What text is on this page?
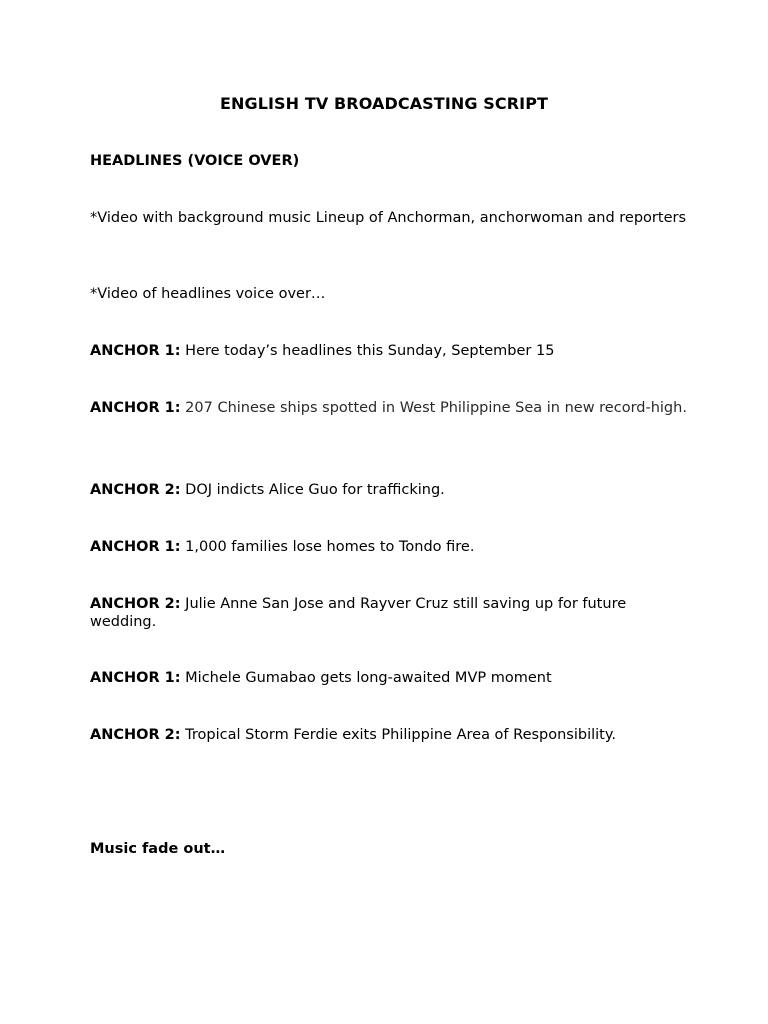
ENGLISH TV BROADCASTING SCRIPT
HEADLINES (VOICE OVER)
*Video with background music Lineup of Anchorman, anchorwoman and reporters
*Video of headlines voice over…
ANCHOR 1: Here today’s headlines this Sunday, September 15
ANCHOR 1: 207 Chinese ships spotted in West Philippine Sea in new record-high.
ANCHOR 2: DOJ indicts Alice Guo for trafficking.
ANCHOR 1: 1,000 families lose homes to Tondo fire.
ANCHOR 2: Julie Anne San Jose and Rayver Cruz still saving up for future wedding.
ANCHOR 1: Michele Gumabao gets long-awaited MVP moment
ANCHOR 2: Tropical Storm Ferdie exits Philippine Area of Responsibility.
Music fade out…
